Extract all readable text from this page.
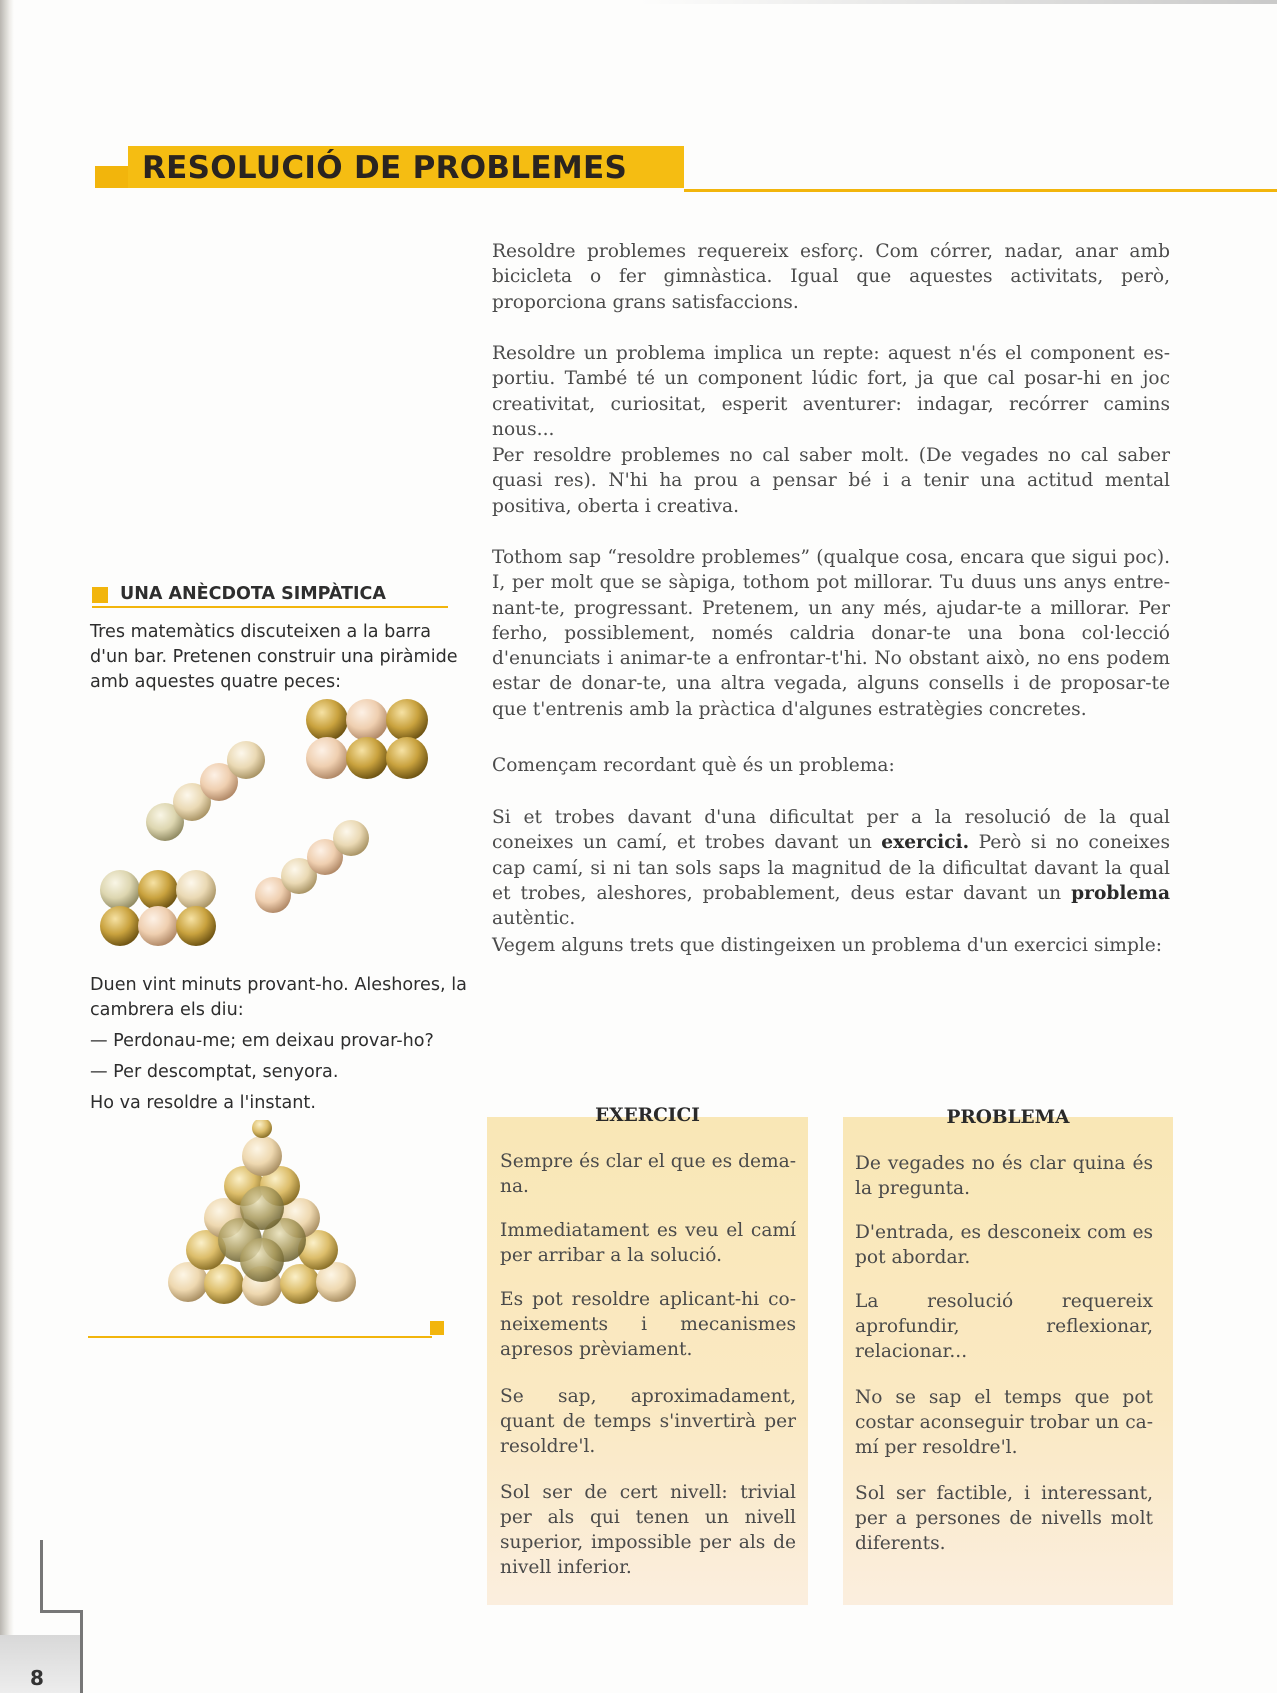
RESOLUCIÓ DE PROBLEMES
Resoldre problemes requereix esforç. Com córrer, nadar, anar amb bicicleta o fer gimnàstica. Igual que aquestes activitats, però, proporciona grans satisfaccions.
Resoldre un problema implica un repte: aquest n'és el component esportiu. També té un component lúdic fort, ja que cal posar-hi en joc creativitat, curiositat, esperit aventurer: indagar, recórrer camins nous...
Per resoldre problemes no cal saber molt. (De vegades no cal saber quasi res). N'hi ha prou a pensar bé i a tenir una actitud mental positiva, oberta i creativa.
Tothom sap “resoldre problemes” (qualque cosa, encara que sigui poc). I, per molt que se sàpiga, tothom pot millorar. Tu duus uns anys entrenant-te, progressant. Pretenem, un any més, ajudar-te a millorar. Per ferho, possiblement, només caldria donar-te una bona col·lecció d'enunciats i animar-te a enfrontar-t'hi. No obstant això, no ens podem estar de donar-te, una altra vegada, alguns consells i de proposar-te que t'entrenis amb la pràctica d'algunes estratègies concretes.
Començam recordant què és un problema:
Si et trobes davant d'una dificultat per a la resolució de la qual coneixes un camí, et trobes davant un exercici. Però si no coneixes cap camí, si ni tan sols saps la magnitud de la dificultat davant la qual et trobes, aleshores, probablement, deus estar davant un problema autèntic.
Vegem alguns trets que distingeixen un problema d'un exercici simple:
UNA ANÈCDOTA SIMPÀTICA
Tres matemàtics discuteixen a la barra
d'un bar. Pretenen construir una piràmide
amb aquestes quatre peces:
Duen vint minuts provant-ho. Aleshores, la
cambrera els diu:
— Perdonau-me; em deixau provar-ho?
— Per descomptat, senyora.
Ho va resoldre a l'instant.
EXERCICI	PROBLEMA
Sempre és clar el que es demana.
Immediatament es veu el camí per arribar a la solució.
Es pot resoldre aplicant-hi coneixements i mecanismes apresos prèviament.
Se sap, aproximadament, quant de temps s'invertirà per resoldre'l.
Sol ser de cert nivell: trivial per als qui tenen un nivell superior, impossible per als de nivell inferior.
De vegades no és clar quina és la pregunta.
D'entrada, es desconeix com es pot abordar.
La resolució requereix aprofundir, reflexionar, relacionar...
No se sap el temps que pot costar aconseguir trobar un camí per resoldre'l.
Sol ser factible, i interessant, per a persones de nivells molt diferents.
8
